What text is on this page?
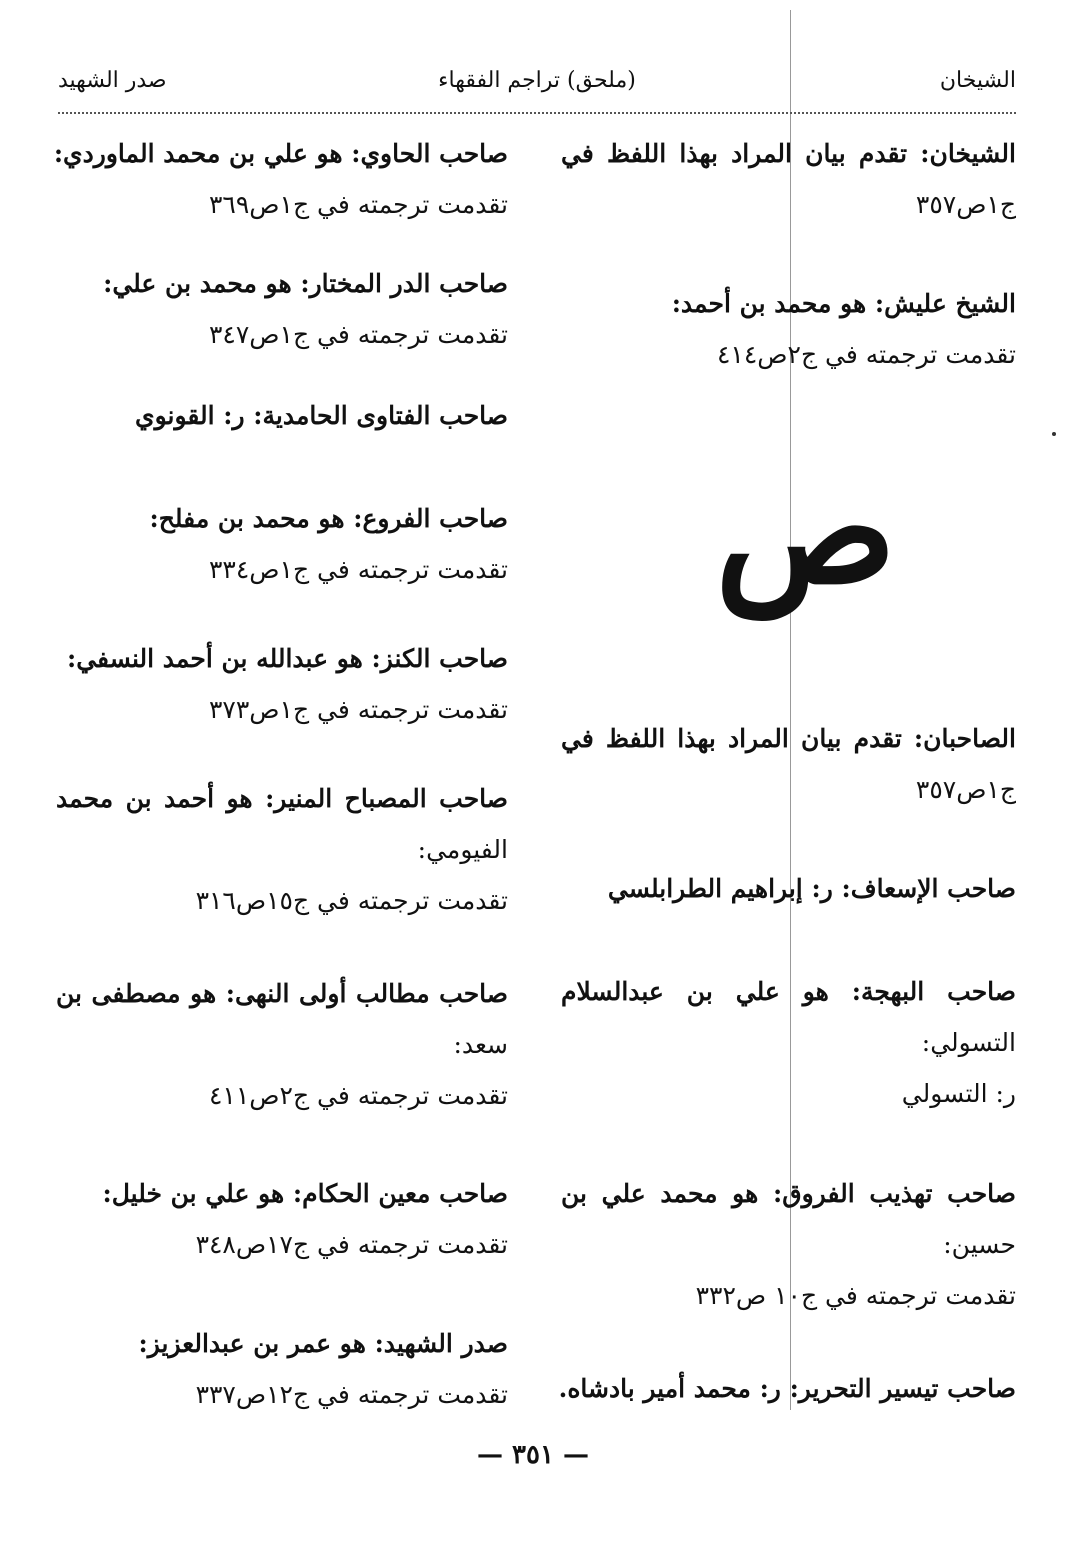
الشيخان
(ملحق) تراجم الفقهاء
صدر الشهيد
الشيخان: تقدم بيان المراد بهذا اللفظ في
ج١ص٣٥٧
الشيخ عليش: هو محمد بن أحمد:
تقدمت ترجمته في ج٢ص٤١٤
الصاحبان: تقدم بيان المراد بهذا اللفظ في
ج١ص٣٥٧
صاحب الإسعاف: ر: إبراهيم الطرابلسي
صاحب البهجة: هو علي بن عبدالسلام
التسولي:
ر: التسولي
صاحب تهذيب الفروق: هو محمد علي بن
حسين:
تقدمت ترجمته في ج١٠ ص٣٣٢
صاحب تيسير التحرير: ر: محمد أمير بادشاه.
صاحب الحاوي: هو علي بن محمد الماوردي:
تقدمت ترجمته في ج١ص٣٦٩
صاحب الدر المختار: هو محمد بن علي:
تقدمت ترجمته في ج١ص٣٤٧
صاحب الفتاوى الحامدية: ر: القونوي
صاحب الفروع: هو محمد بن مفلح:
تقدمت ترجمته في ج١ص٣٣٤
صاحب الكنز: هو عبدالله بن أحمد النسفي:
تقدمت ترجمته في ج١ص٣٧٣
صاحب المصباح المنير: هو أحمد بن محمد
الفيومي:
تقدمت ترجمته في ج١٥ص٣١٦
صاحب مطالب أولى النهى: هو مصطفى بن
سعد:
تقدمت ترجمته في ج٢ص٤١١
صاحب معين الحكام: هو علي بن خليل:
تقدمت ترجمته في ج١٧ص٣٤٨
صدر الشهيد: هو عمر بن عبدالعزيز:
تقدمت ترجمته في ج١٢ص٣٣٧
ص
— ٣٥١ —
